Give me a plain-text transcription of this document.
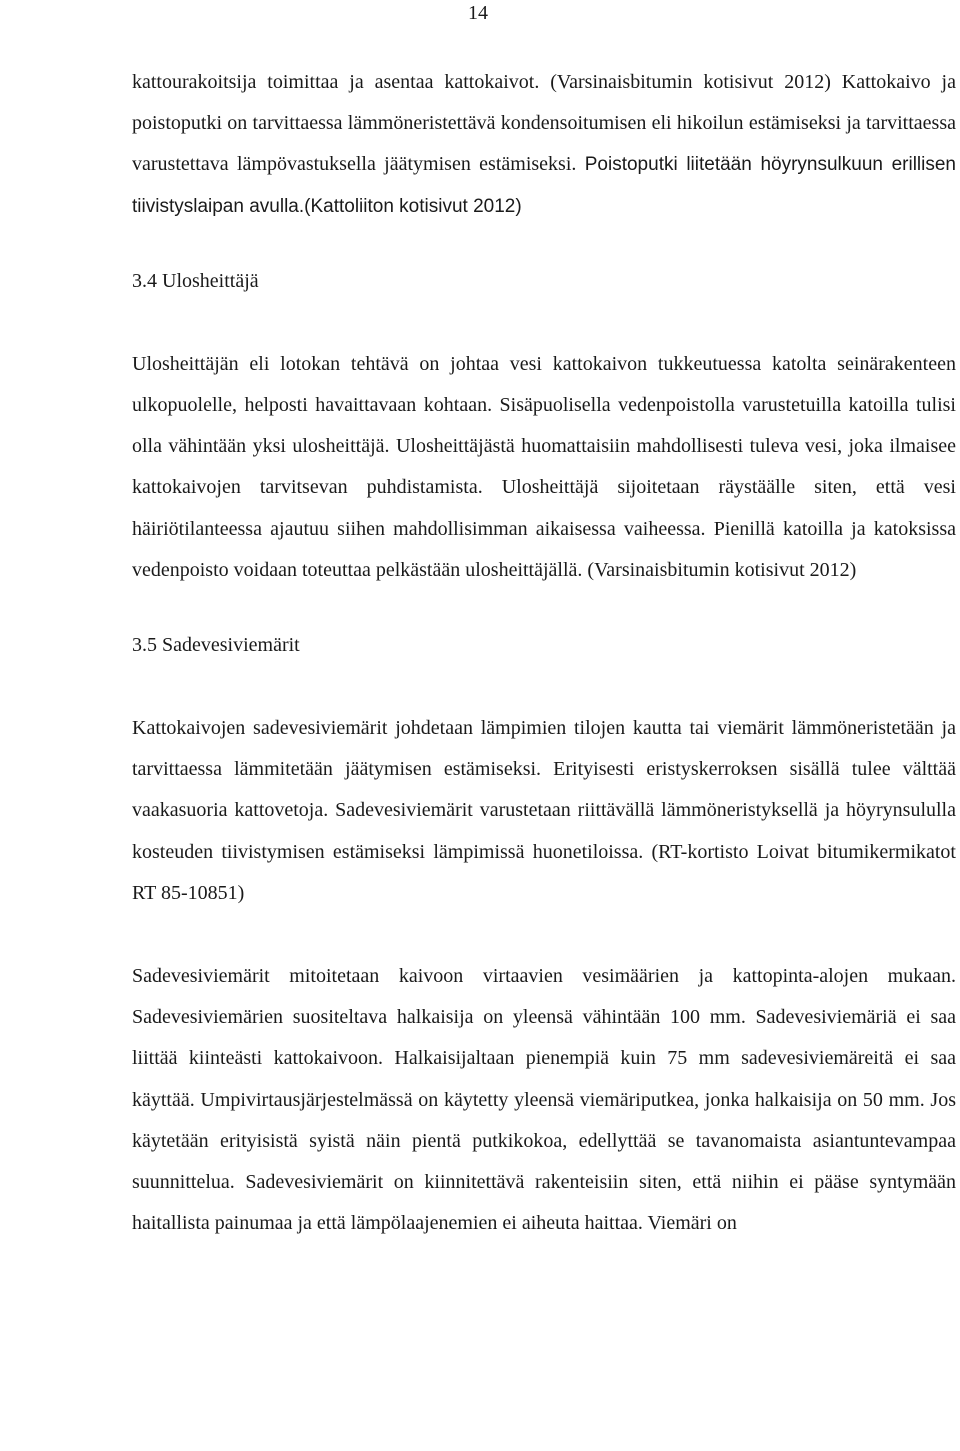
14

kattourakoitsija toimittaa ja asentaa kattokaivot. (Varsinaisbitumin kotisivut 2012) Kattokaivo ja poistoputki on tarvittaessa lämmöneristettävä kondensoitumisen eli hikoilun estämiseksi ja tarvittaessa varustettava lämpövastuksella jäätymisen estämiseksi. Poistoputki liitetään höyrynsulkuun erillisen tiivistyslaipan avulla.(Kattoliiton kotisivut 2012)

3.4 Ulosheittäjä

Ulosheittäjän eli lotokan tehtävä on johtaa vesi kattokaivon tukkeutuessa katolta seinärakenteen ulkopuolelle, helposti havaittavaan kohtaan. Sisäpuolisella vedenpoistolla varustetuilla katoilla tulisi olla vähintään yksi ulosheittäjä. Ulosheittäjästä huomattaisiin mahdollisesti tuleva vesi, joka ilmaisee kattokaivojen tarvitsevan puhdistamista. Ulosheittäjä sijoitetaan räystäälle siten, että vesi häiriötilanteessa ajautuu siihen mahdollisimman aikaisessa vaiheessa. Pienillä katoilla ja katoksissa vedenpoisto voidaan toteuttaa pelkästään ulosheittäjällä. (Varsinaisbitumin kotisivut 2012)

3.5 Sadevesiviemärit

Kattokaivojen sadevesiviemärit johdetaan lämpimien tilojen kautta tai viemärit lämmöneristetään ja tarvittaessa lämmitetään jäätymisen estämiseksi. Erityisesti eristyskerroksen sisällä tulee välttää vaakasuoria kattovetoja. Sadevesiviemärit varustetaan riittävällä lämmöneristyksellä ja höyrynsululla kosteuden tiivistymisen estämiseksi lämpimissä huonetiloissa. (RT-kortisto Loivat bitumikermikatot RT 85-10851)

Sadevesiviemärit mitoitetaan kaivoon virtaavien vesimäärien ja kattopinta-alojen mukaan. Sadevesiviemärien suositeltava halkaisija on yleensä vähintään 100 mm. Sadevesiviemäriä ei saa liittää kiinteästi kattokaivoon. Halkaisijaltaan pienempiä kuin 75 mm sadevesiviemäreitä ei saa käyttää. Umpivirtausjärjestelmässä on käytetty yleensä viemäriputkea, jonka halkaisija on 50 mm. Jos käytetään erityisistä syistä näin pientä putkikokoa, edellyttää se tavanomaista asiantuntevampaa suunnittelua. Sadevesiviemärit on kiinnitettävä rakenteisiin siten, että niihin ei pääse syntymään haitallista painumaa ja että lämpölaajenemien ei aiheuta haittaa. Viemäri on
